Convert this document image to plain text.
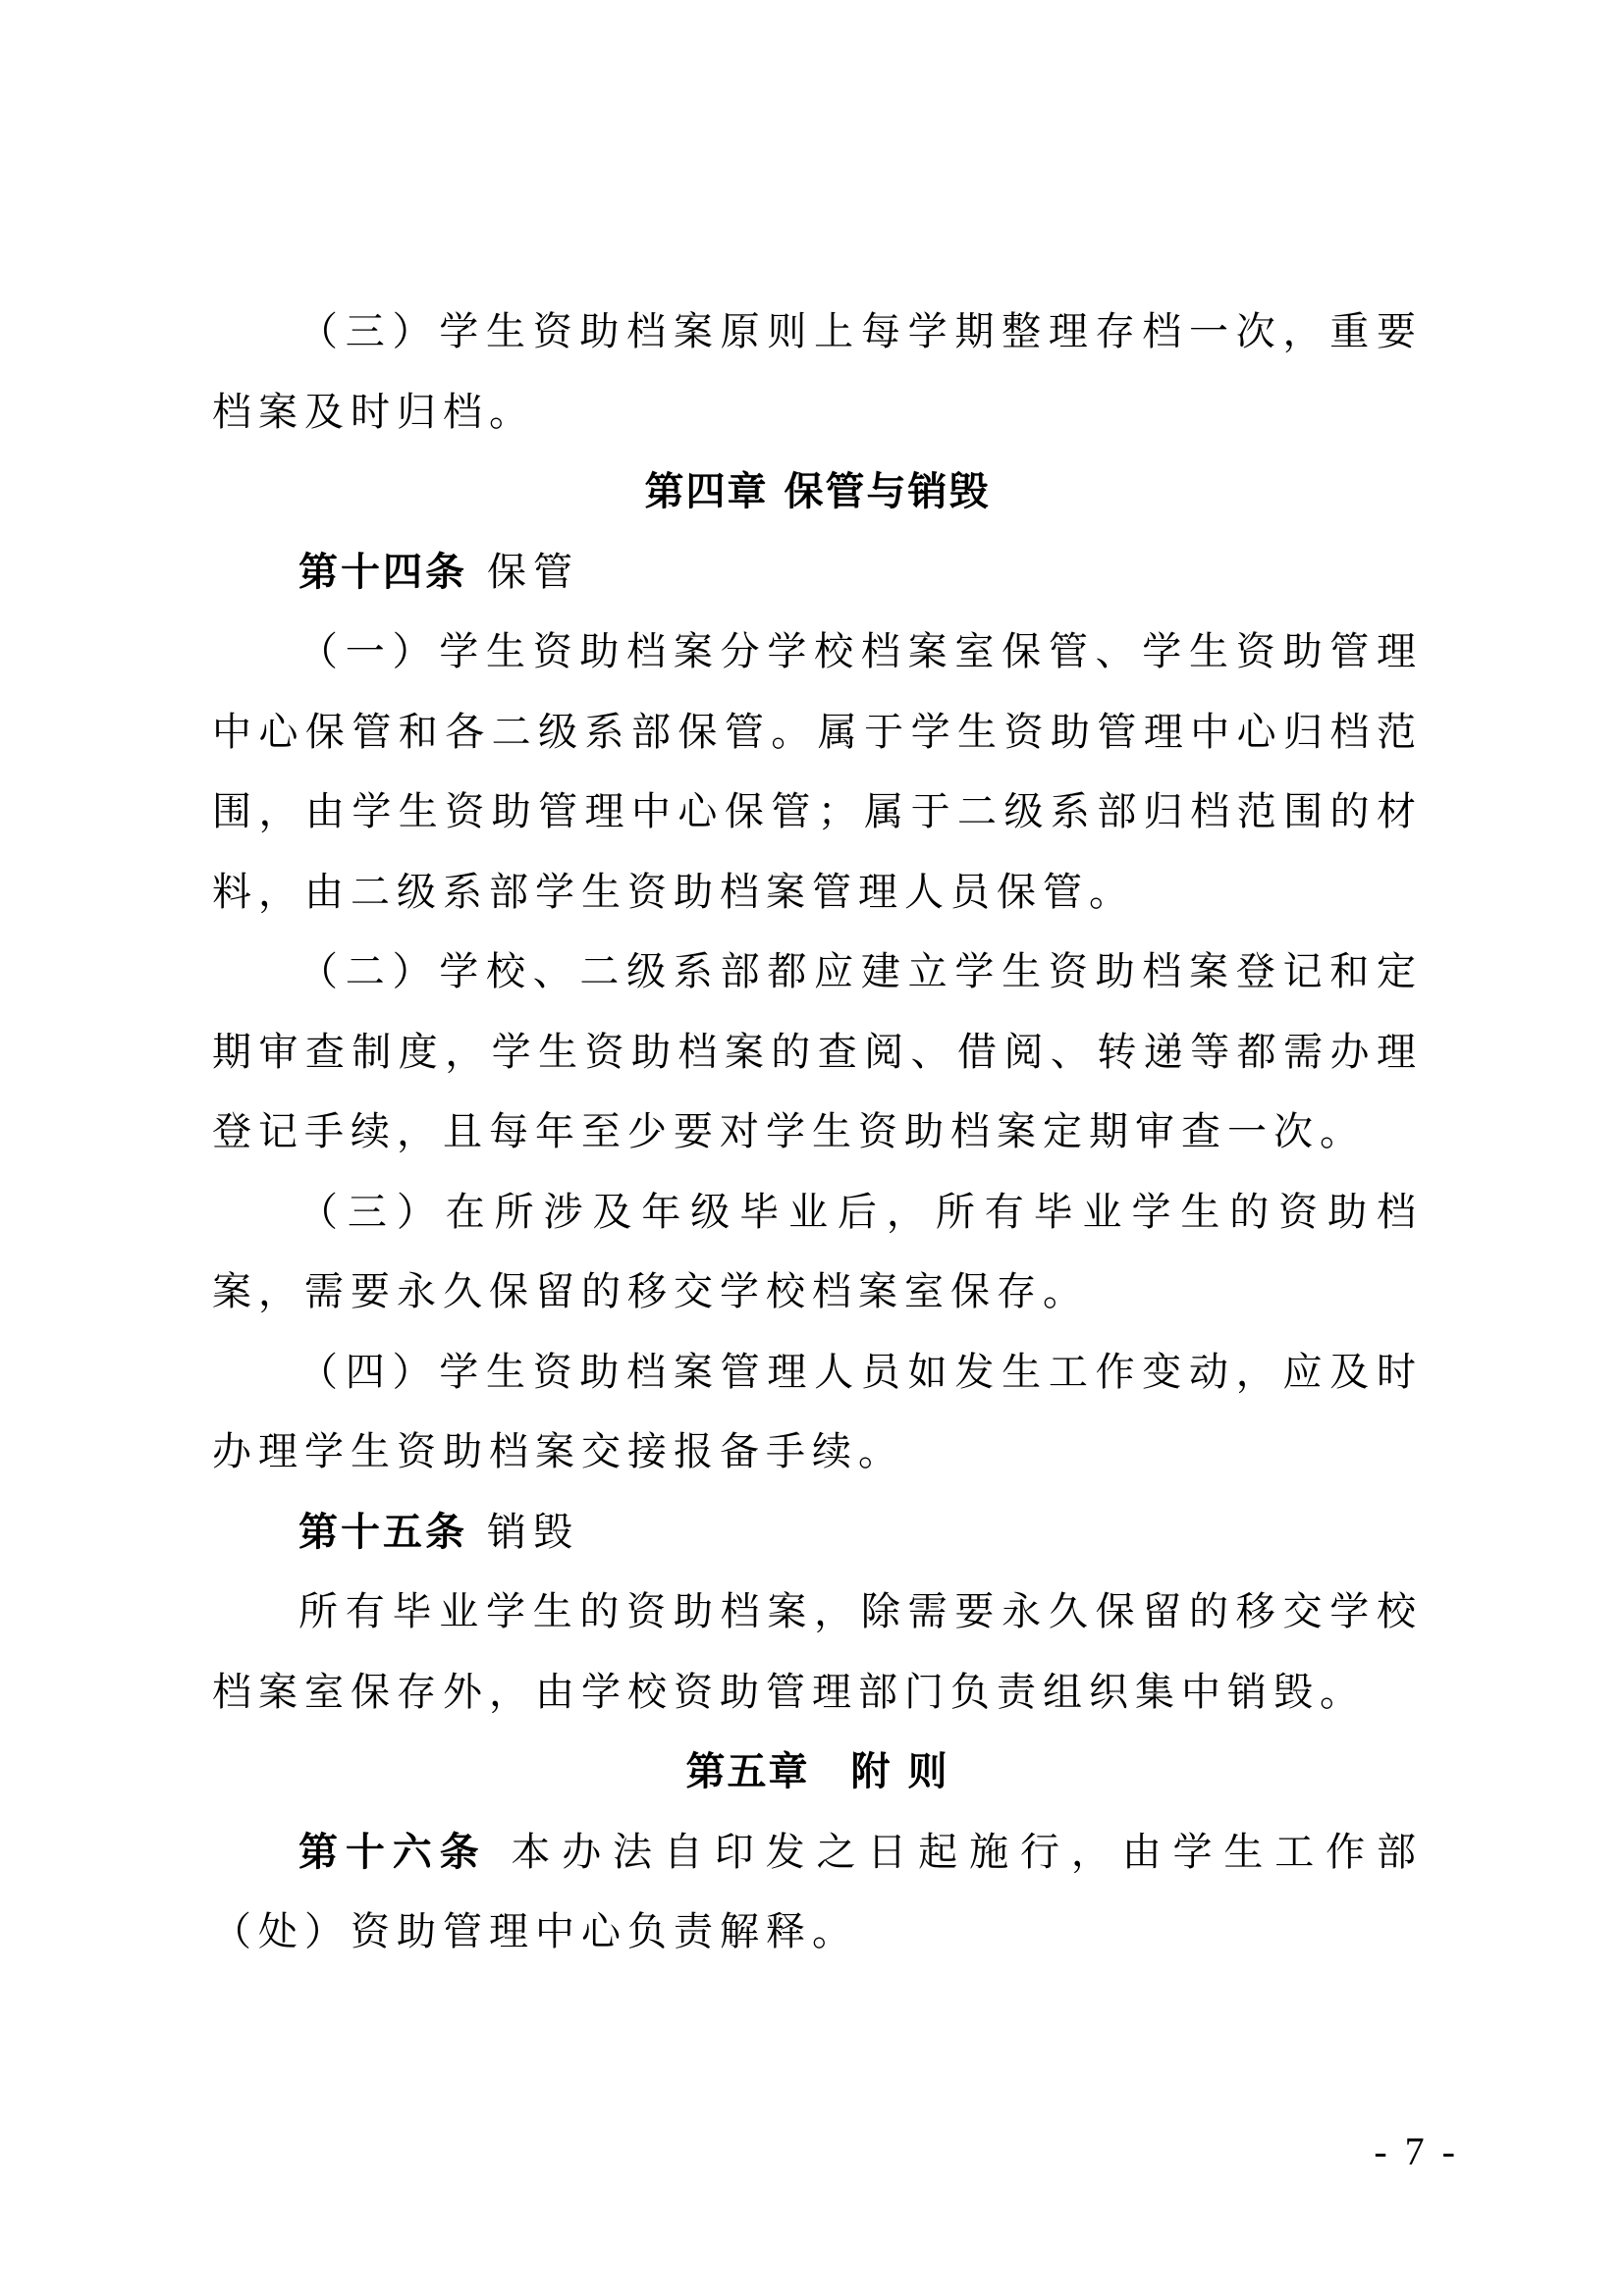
（三）学生资助档案原则上每学期整理存档一次，重要档案及时归档。

第四章 保管与销毁

第十四条 保管

（一）学生资助档案分学校档案室保管、学生资助管理中心保管和各二级系部保管。属于学生资助管理中心归档范围，由学生资助管理中心保管；属于二级系部归档范围的材料，由二级系部学生资助档案管理人员保管。

（二）学校、二级系部都应建立学生资助档案登记和定期审查制度，学生资助档案的查阅、借阅、转递等都需办理登记手续，且每年至少要对学生资助档案定期审查一次。

（三）在所涉及年级毕业后，所有毕业学生的资助档案，需要永久保留的移交学校档案室保存。

（四）学生资助档案管理人员如发生工作变动，应及时办理学生资助档案交接报备手续。

第十五条 销毁

所有毕业学生的资助档案，除需要永久保留的移交学校档案室保存外，由学校资助管理部门负责组织集中销毁。

第五章　附 则

第十六条 本办法自印发之日起施行，由学生工作部（处）资助管理中心负责解释。

- 7 -
